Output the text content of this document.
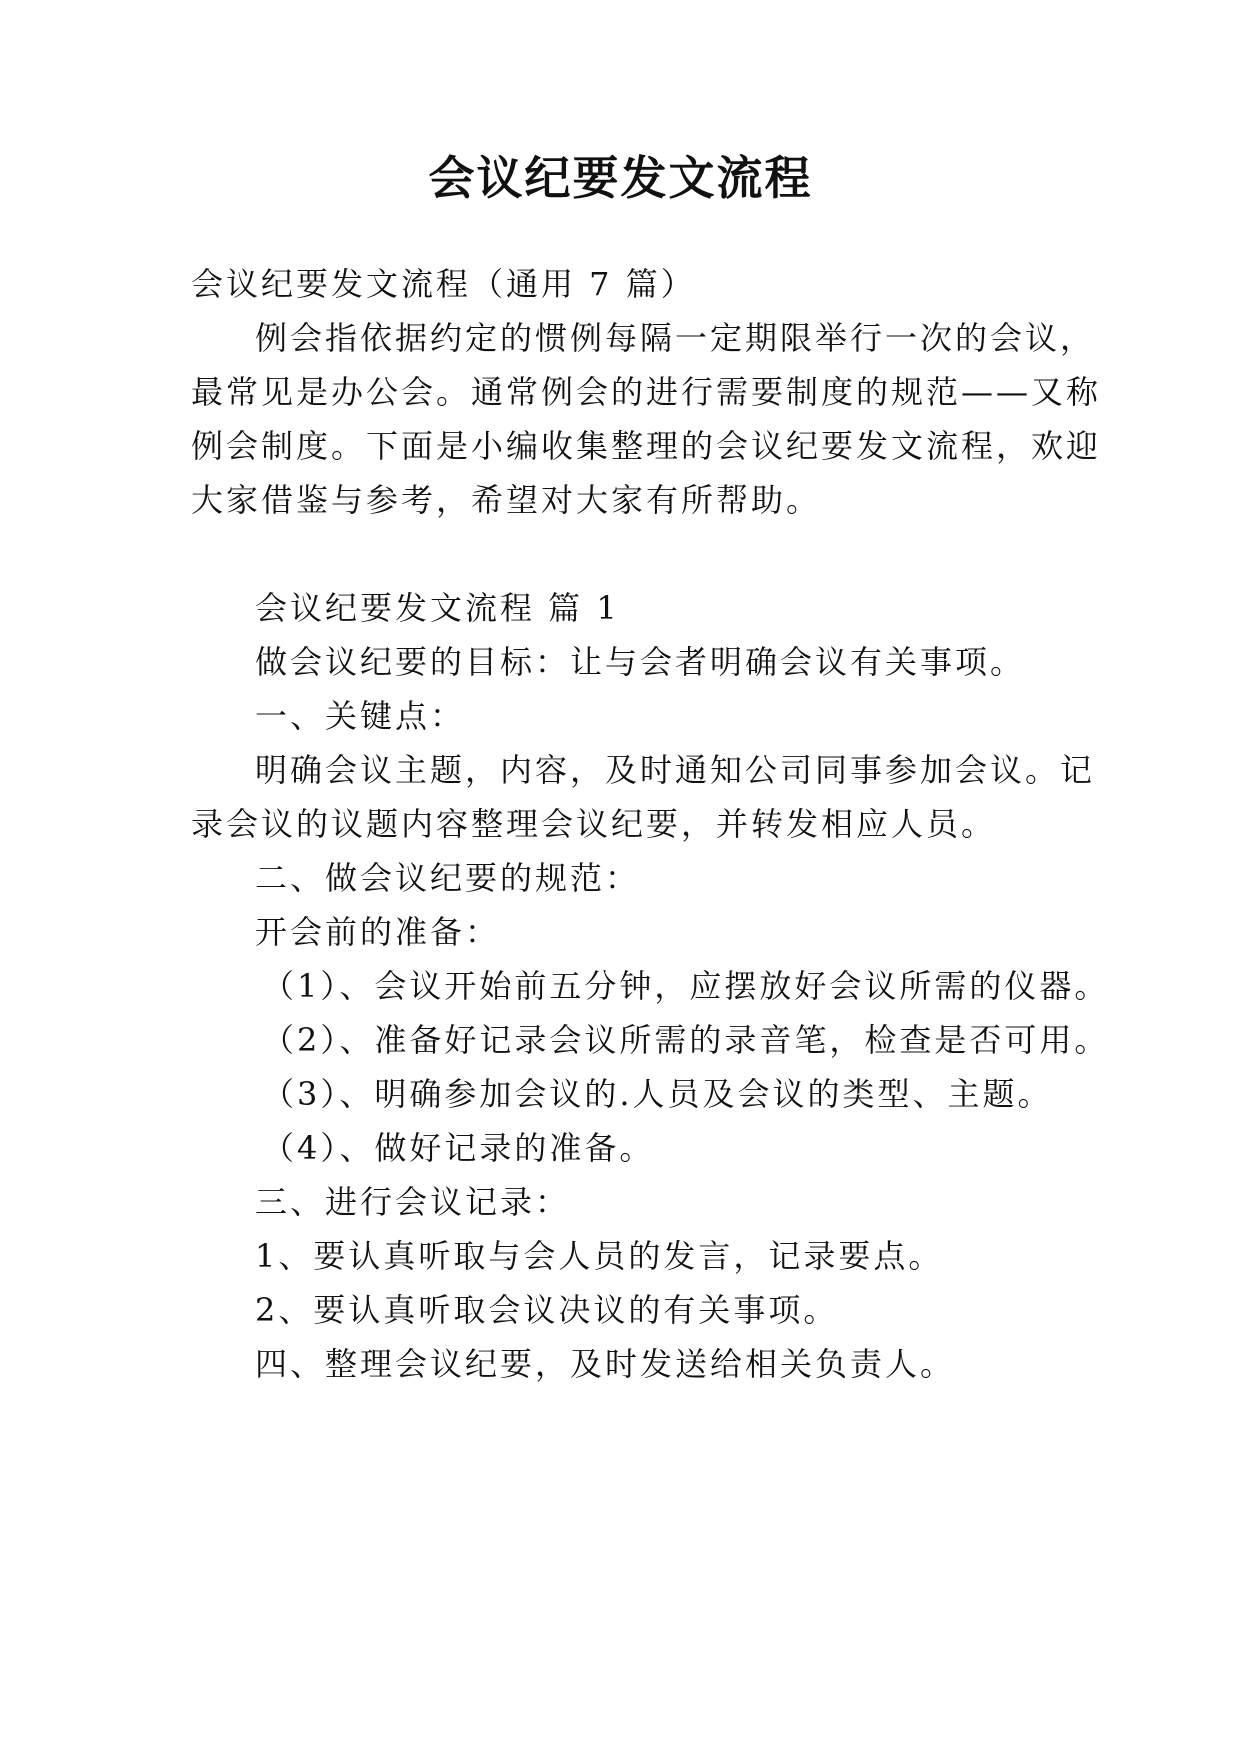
会议纪要发文流程
会议纪要发文流程（通用 7 篇）
例会指依据约定的惯例每隔一定期限举行一次的会议，
最常见是办公会。通常例会的进行需要制度的规范——又称
例会制度。下面是小编收集整理的会议纪要发文流程，欢迎
大家借鉴与参考，希望对大家有所帮助。
会议纪要发文流程 篇 1
做会议纪要的目标：让与会者明确会议有关事项。
一、关键点：
明确会议主题，内容，及时通知公司同事参加会议。记
录会议的议题内容整理会议纪要，并转发相应人员。
二、做会议纪要的规范：
开会前的准备：
（1）、会议开始前五分钟，应摆放好会议所需的仪器。
（2）、准备好记录会议所需的录音笔，检查是否可用。
（3）、明确参加会议的.人员及会议的类型、主题。
（4）、做好记录的准备。
三、进行会议记录：
1、要认真听取与会人员的发言，记录要点。
2、要认真听取会议决议的有关事项。
四、整理会议纪要，及时发送给相关负责人。
